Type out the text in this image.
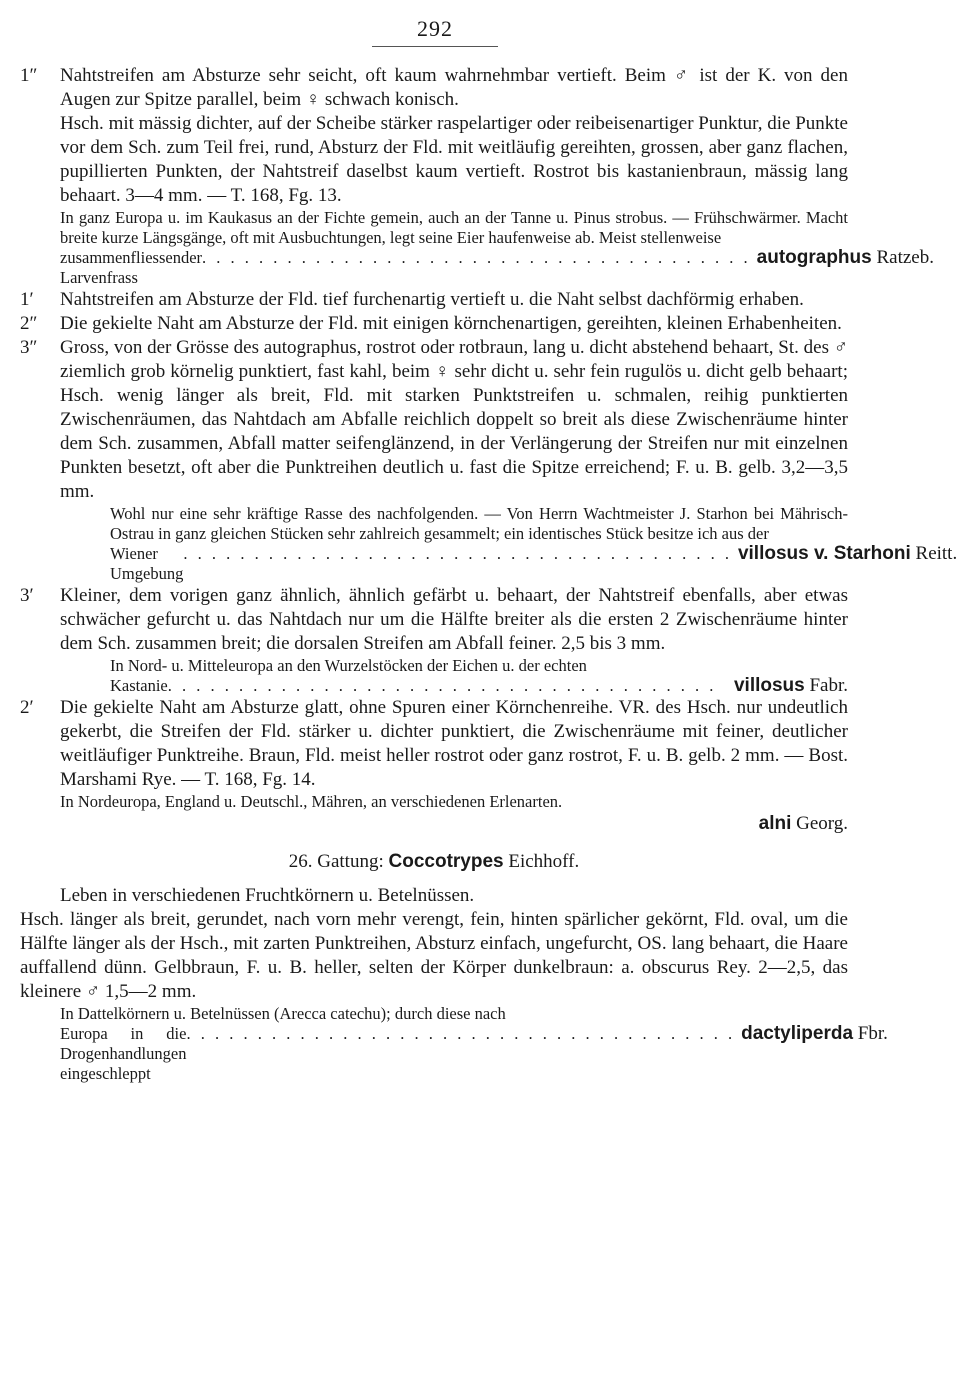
292
1″ Nahtstreifen am Absturze sehr seicht, oft kaum wahrnehmbar vertieft. Beim ♂ ist der K. von den Augen zur Spitze parallel, beim ♀ schwach konisch.

Hsch. mit mässig dichter, auf der Scheibe stärker raspelartiger oder reibeisenartiger Punktur, die Punkte vor dem Sch. zum Teil frei, rund, Absturz der Fld. mit weitläufig gereihten, grossen, aber ganz flachen, pupillierten Punkten, der Nahtstreif daselbst kaum vertieft. Rostrot bis kastanienbraun, mässig lang behaart. 3—4 mm. — T. 168, Fg. 13.

In ganz Europa u. im Kaukasus an der Fichte gemein, auch an der Tanne u. Pinus strobus. — Frühschwärmer. Macht breite kurze Längsgänge, oft mit Ausbuchtungen, legt seine Eier haufenweise ab. Meist stellenweise

zusammenfliessender Larvenfrass
. . . . . . . . . . . . . . . . . . . . . . . . . . . . . . . . . . . . . . . autographus Ratzeb.
1′ Nahtstreifen am Absturze der Fld. tief furchenartig vertieft u. die Naht selbst dachförmig erhaben.

2″ Die gekielte Naht am Absturze der Fld. mit einigen körnchenartigen, gereihten, kleinen Erhabenheiten.

3″ Gross, von der Grösse des autographus, rostrot oder rotbraun, lang u. dicht abstehend behaart, St. des ♂ ziemlich grob körnelig punktiert, fast kahl, beim ♀ sehr dicht u. sehr fein rugulös u. dicht gelb behaart; Hsch. wenig länger als breit, Fld. mit starken Punktstreifen u. schmalen, reihig punktierten Zwischenräumen, das Nahtdach am Abfalle reichlich doppelt so breit als diese Zwischenräume hinter dem Sch. zusammen, Abfall matter seifenglänzend, in der Verlängerung der Streifen nur mit einzelnen Punkten besetzt, oft aber die Punktreihen deutlich u. fast die Spitze erreichend; F. u. B. gelb. 3,2—3,5 mm.

Wohl nur eine sehr kräftige Rasse des nachfolgenden. — Von Herrn Wachtmeister J. Starhon bei Mährisch-Ostrau in ganz gleichen Stücken sehr zahlreich gesammelt; ein identisches Stück besitze ich aus der

Wiener Umgebung
. . . . . . . . . . . . . . . . . . . . . . . . . . . . . . . . . . . . . . . villosus v. Starhoni Reitt.
3′ Kleiner, dem vorigen ganz ähnlich, ähnlich gefärbt u. behaart, der Nahtstreif ebenfalls, aber etwas schwächer gefurcht u. das Nahtdach nur um die Hälfte breiter als die ersten 2 Zwischenräume hinter dem Sch. zusammen breit; die dorsalen Streifen am Abfall feiner. 2,5 bis 3 mm.

In Nord- u. Mitteleuropa an den Wurzelstöcken der Eichen u. der echten

Kastanie . . . . . . . . . . . . . . . . . . . . . . . . . . . . . . . . . . . . . . . villosus Fabr.
2′ Die gekielte Naht am Absturze glatt, ohne Spuren einer Körnchenreihe. VR. des Hsch. nur undeutlich gekerbt, die Streifen der Fld. stärker u. dichter punktiert, die Zwischenräume mit feiner, deutlicher weitläufiger Punktreihe. Braun, Fld. meist heller rostrot oder ganz rostrot, F. u. B. gelb. 2 mm. — Bost. Marshami Rye. — T. 168, Fg. 14.

In Nordeuropa, England u. Deutschl., Mähren, an verschiedenen Erlenarten.

alni Georg.
26. Gattung: Coccotrypes Eichhoff.

Leben in verschiedenen Fruchtkörnern u. Betelnüssen.

Hsch. länger als breit, gerundet, nach vorn mehr verengt, fein, hinten spärlicher gekörnt, Fld. oval, um die Hälfte länger als der Hsch., mit zarten Punktreihen, Absturz einfach, ungefurcht, OS. lang behaart, die Haare auffallend dünn. Gelbbraun, F. u. B. heller, selten der Körper dunkelbraun: a. obscurus Rey. 2—2,5, das kleinere ♂ 1,5—2 mm.

In Dattelkörnern u. Betelnüssen (Arecca catechu); durch diese nach

Europa in die Drogenhandlungen eingeschleppt
. . . . . . . . . . . . . . . . . . . . . . . . . . . . . . . . . . . . . . . dactyliperda Fbr.
